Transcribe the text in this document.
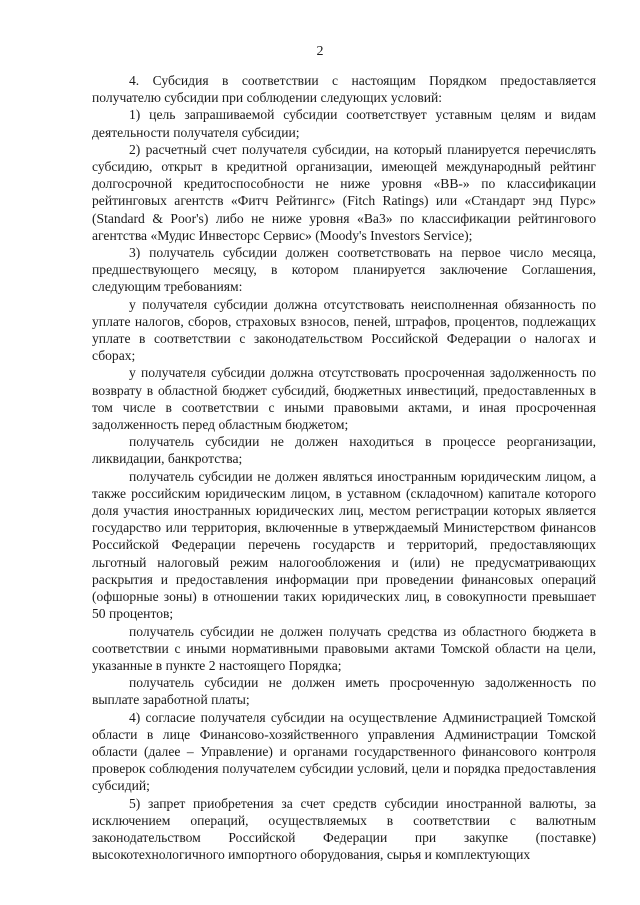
2

4. Субсидия в соответствии с настоящим Порядком предоставляется получателю субсидии при соблюдении следующих условий:

1) цель запрашиваемой субсидии соответствует уставным целям и видам деятельности получателя субсидии;

2) расчетный счет получателя субсидии, на который планируется перечислять субсидию, открыт в кредитной организации, имеющей международный рейтинг долгосрочной кредитоспособности не ниже уровня «ВВ-» по классификации рейтинговых агентств «Фитч Рейтингс» (Fitch Ratings) или «Стандарт энд Пурс» (Standard & Poor's) либо не ниже уровня «Ba3» по классификации рейтингового агентства «Мудис Инвесторс Сервис» (Moody's Investors Service);

3) получатель субсидии должен соответствовать на первое число месяца, предшествующего месяцу, в котором планируется заключение Соглашения, следующим требованиям:

у получателя субсидии должна отсутствовать неисполненная обязанность по уплате налогов, сборов, страховых взносов, пеней, штрафов, процентов, подлежащих уплате в соответствии с законодательством Российской Федерации о налогах и сборах;

у получателя субсидии должна отсутствовать просроченная задолженность по возврату в областной бюджет субсидий, бюджетных инвестиций, предоставленных в том числе в соответствии с иными правовыми актами, и иная просроченная задолженность перед областным бюджетом;

получатель субсидии не должен находиться в процессе реорганизации, ликвидации, банкротства;

получатель субсидии не должен являться иностранным юридическим лицом, а также российским юридическим лицом, в уставном (складочном) капитале которого доля участия иностранных юридических лиц, местом регистрации которых является государство или территория, включенные в утверждаемый Министерством финансов Российской Федерации перечень государств и территорий, предоставляющих льготный налоговый режим налогообложения и (или) не предусматривающих раскрытия и предоставления информации при проведении финансовых операций (офшорные зоны) в отношении таких юридических лиц, в совокупности превышает 50 процентов;

получатель субсидии не должен получать средства из областного бюджета в соответствии с иными нормативными правовыми актами Томской области на цели, указанные в пункте 2 настоящего Порядка;

получатель субсидии не должен иметь просроченную задолженность по выплате заработной платы;

4) согласие получателя субсидии на осуществление Администрацией Томской области в лице Финансово-хозяйственного управления Администрации Томской области (далее – Управление) и органами государственного финансового контроля проверок соблюдения получателем субсидии условий, цели и порядка предоставления субсидий;

5) запрет приобретения за счет средств субсидии иностранной валюты, за исключением операций, осуществляемых в соответствии с валютным законодательством Российской Федерации при закупке (поставке) высокотехнологичного импортного оборудования, сырья и комплектующих
